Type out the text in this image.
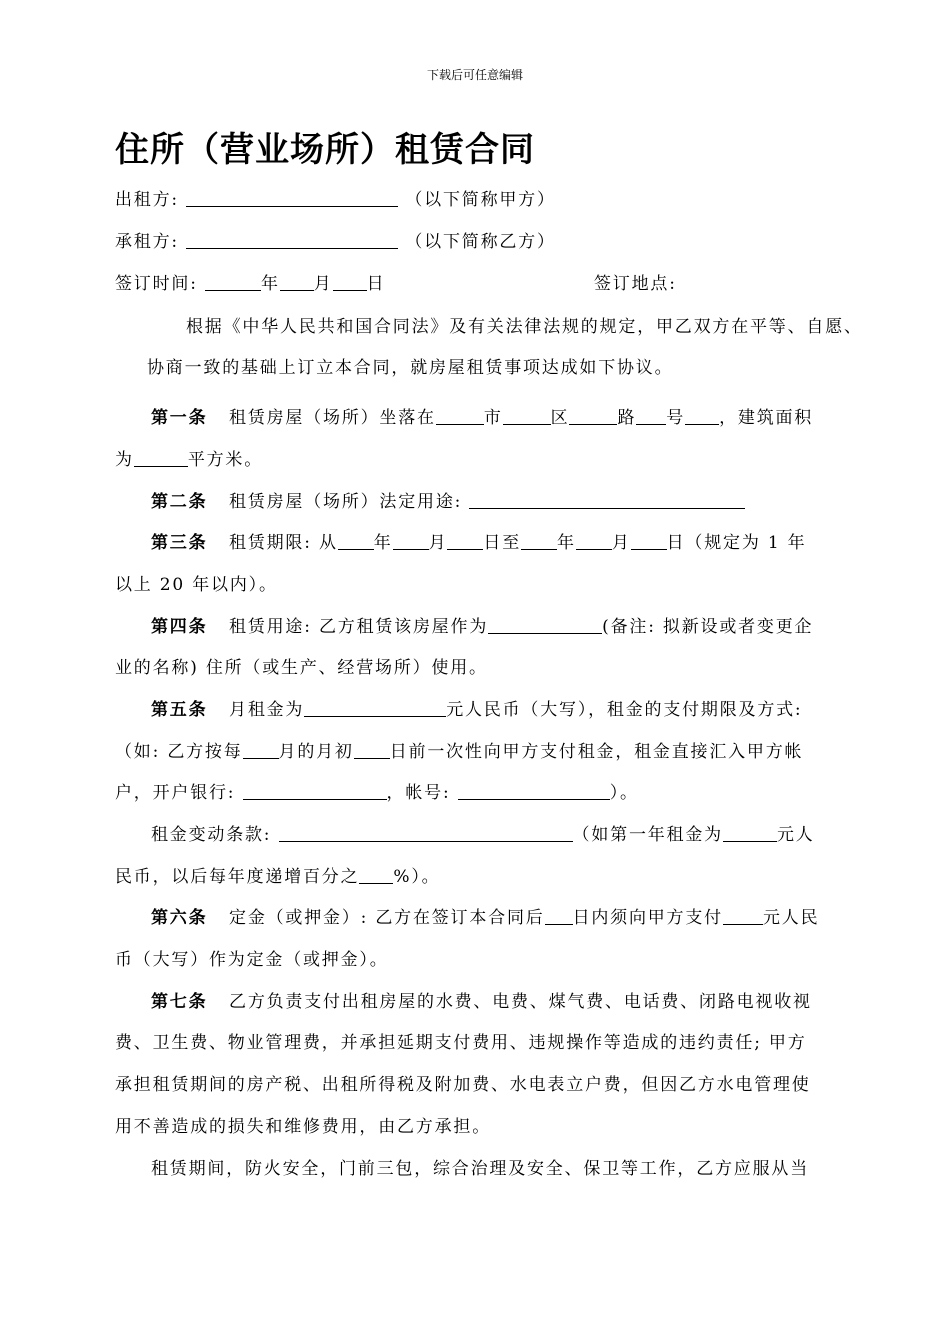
下载后可任意编辑
住所（营业场所）租赁合同
出租方:	（以下简称甲方）
承租方:	（以下简称乙方）
签订时间:	年 月 日	签订地点:
根据《中华人民共和国合同法》及有关法律法规的规定，甲乙双方在平等、自愿、
协商一致的基础上订立本合同，就房屋租赁事项达成如下协议。
第一条 租赁房屋（场所）坐落在	市	区	路 号 ，建筑面积
为	平方米。
第二条 租赁房屋（场所）法定用途:
第三条 租赁期限: 从 年 月 日至 年 月 日（规定为 1 年
以上 20 年以内）。
第四条 租赁用途: 乙方租赁该房屋作为	(备注: 拟新设或者变更企
业的名称) 住所（或生产、经营场所）使用。
第五条 月租金为	元人民币（大写），租金的支付期限及方式:
（如: 乙方按每 月的月初 日前一次性向甲方支付租金，租金直接汇入甲方帐
户，开户银行:	，帐号:	）。
租金变动条款:	（如第一年租金为	元人
民币，以后每年度递增百分之 %）。
第六条 定金（或押金）: 乙方在签订本合同后 日内须向甲方支付 元人民
币（大写）作为定金（或押金）。
第七条 乙方负责支付出租房屋的水费、电费、煤气费、电话费、闭路电视收视
费、卫生费、物业管理费，并承担延期支付费用、违规操作等造成的违约责任; 甲方
承担租赁期间的房产税、出租所得税及附加费、水电表立户费，但因乙方水电管理使
用不善造成的损失和维修费用，由乙方承担。
租赁期间，防火安全，门前三包，综合治理及安全、保卫等工作，乙方应服从当
